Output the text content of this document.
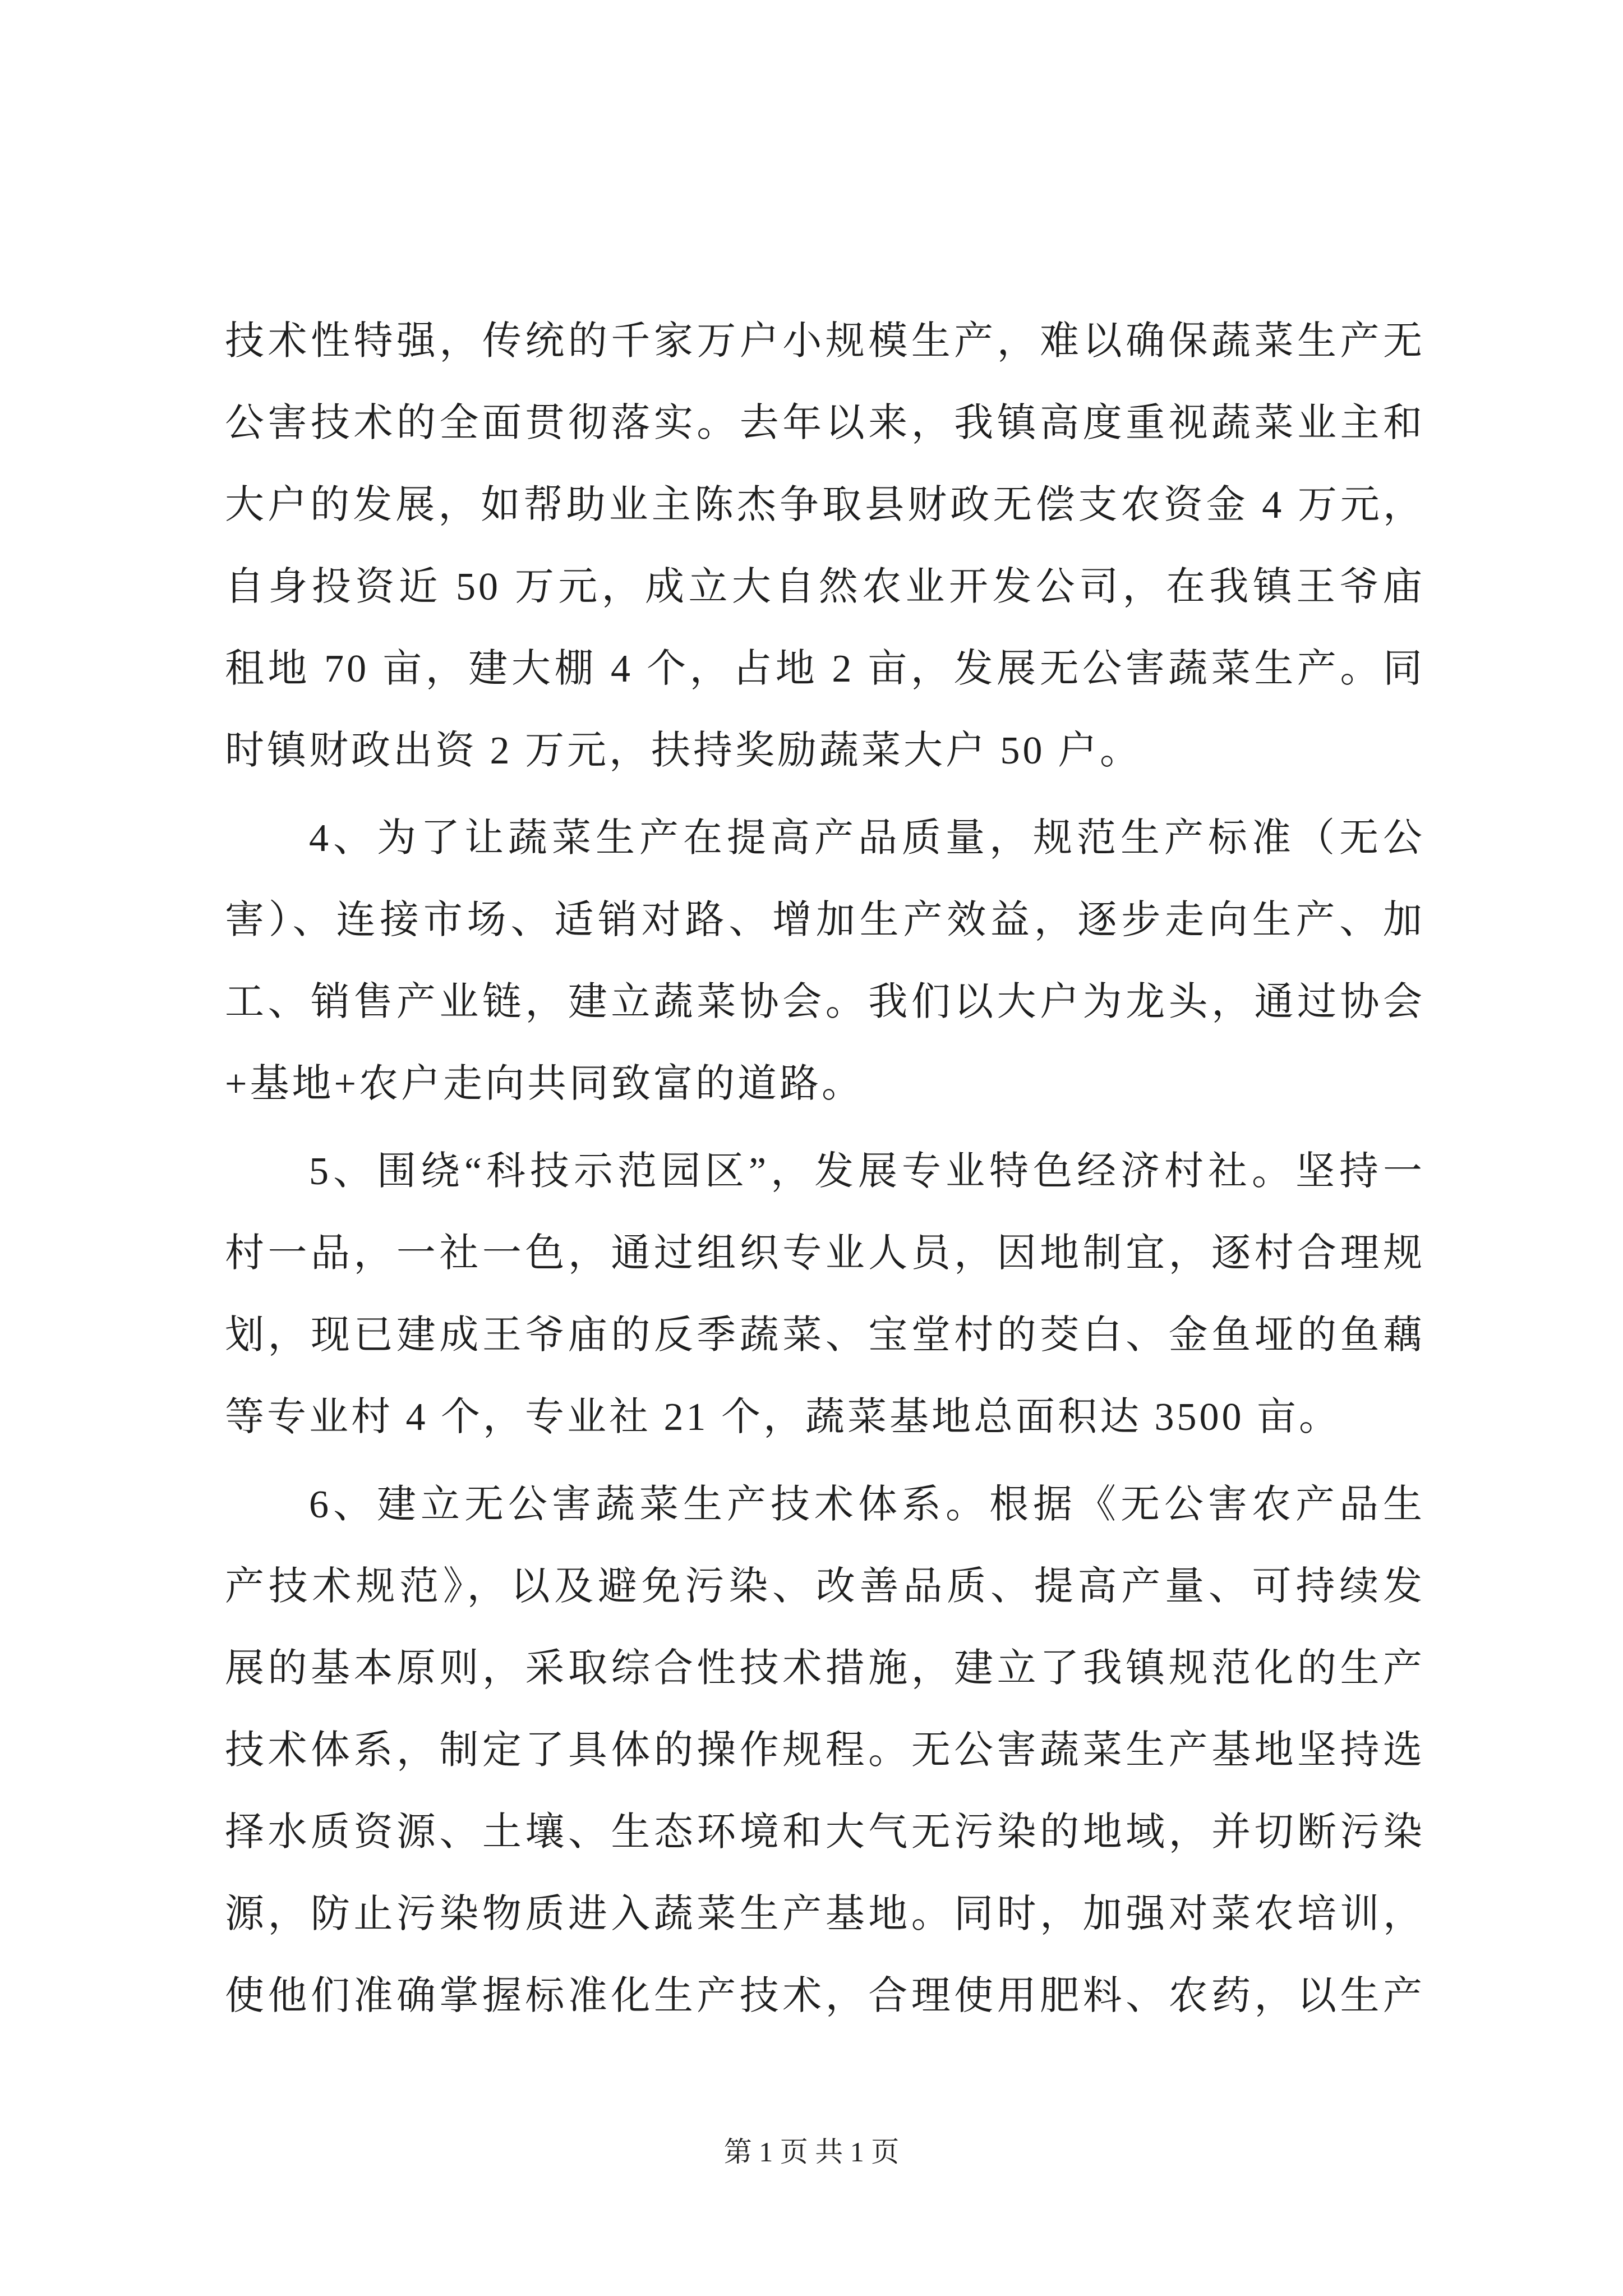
技术性特强，传统的千家万户小规模生产，难以确保蔬菜生产无
公害技术的全面贯彻落实。去年以来，我镇高度重视蔬菜业主和
大户的发展，如帮助业主陈杰争取县财政无偿支农资金 4 万元，
自身投资近 50 万元，成立大自然农业开发公司，在我镇王爷庙
租地 70 亩，建大棚 4 个，占地 2 亩，发展无公害蔬菜生产。同
时镇财政出资 2 万元，扶持奖励蔬菜大户 50 户。
4、为了让蔬菜生产在提高产品质量，规范生产标准（无公
害）、连接市场、适销对路、增加生产效益，逐步走向生产、加
工、销售产业链，建立蔬菜协会。我们以大户为龙头，通过协会
+基地+农户走向共同致富的道路。
5、围绕“科技示范园区”，发展专业特色经济村社。坚持一
村一品，一社一色，通过组织专业人员，因地制宜，逐村合理规
划，现已建成王爷庙的反季蔬菜、宝堂村的茭白、金鱼垭的鱼藕
等专业村 4 个，专业社 21 个，蔬菜基地总面积达 3500 亩。
6、建立无公害蔬菜生产技术体系。根据《无公害农产品生
产技术规范》，以及避免污染、改善品质、提高产量、可持续发
展的基本原则，采取综合性技术措施，建立了我镇规范化的生产
技术体系，制定了具体的操作规程。无公害蔬菜生产基地坚持选
择水质资源、土壤、生态环境和大气无污染的地域，并切断污染
源，防止污染物质进入蔬菜生产基地。同时，加强对菜农培训，
使他们准确掌握标准化生产技术，合理使用肥料、农药，以生产
第 1 页 共 1 页
